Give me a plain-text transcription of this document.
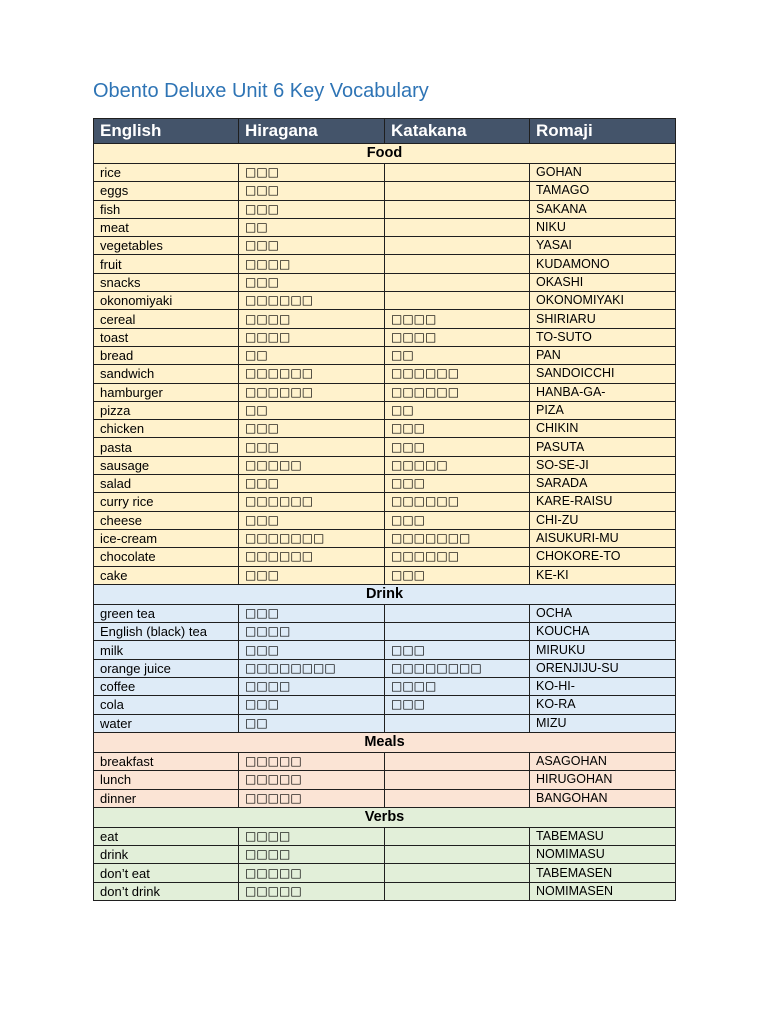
Obento Deluxe Unit 6 Key Vocabulary
English	Hiragana	Katakana	Romaji
Food			
rice	□□□		GOHAN
eggs	□□□		TAMAGO
fish	□□□		SAKANA
meat	□□		NIKU
vegetables	□□□		YASAI
fruit	□□□□		KUDAMONO
snacks	□□□		OKASHI
okonomiyaki	□□□□□□		OKONOMIYAKI
cereal	□□□□	□□□□	SHIRIARU
toast	□□□□	□□□□	TO-SUTO
bread	□□	□□	PAN
sandwich	□□□□□□	□□□□□□	SANDOICCHI
hamburger	□□□□□□	□□□□□□	HANBA-GA-
pizza	□□	□□	PIZA
chicken	□□□	□□□	CHIKIN
pasta	□□□	□□□	PASUTA
sausage	□□□□□	□□□□□	SO-SE-JI
salad	□□□	□□□	SARADA
curry rice	□□□□□□	□□□□□□	KARE-RAISU
cheese	□□□	□□□	CHI-ZU
ice-cream	□□□□□□□	□□□□□□□	AISUKURI-MU
chocolate	□□□□□□	□□□□□□	CHOKORE-TO
cake	□□□	□□□	KE-KI
Drink			
green tea	□□□		OCHA
English (black) tea	□□□□		KOUCHA
milk	□□□	□□□	MIRUKU
orange juice	□□□□□□□□	□□□□□□□□	ORENJIJU-SU
coffee	□□□□	□□□□	KO-HI-
cola	□□□	□□□	KO-RA
water	□□		MIZU
Meals			
breakfast	□□□□□		ASAGOHAN
lunch	□□□□□		HIRUGOHAN
dinner	□□□□□		BANGOHAN
Verbs			
eat	□□□□		TABEMASU
drink	□□□□		NOMIMASU
don’t eat	□□□□□		TABEMASEN
don’t drink	□□□□□		NOMIMASEN
